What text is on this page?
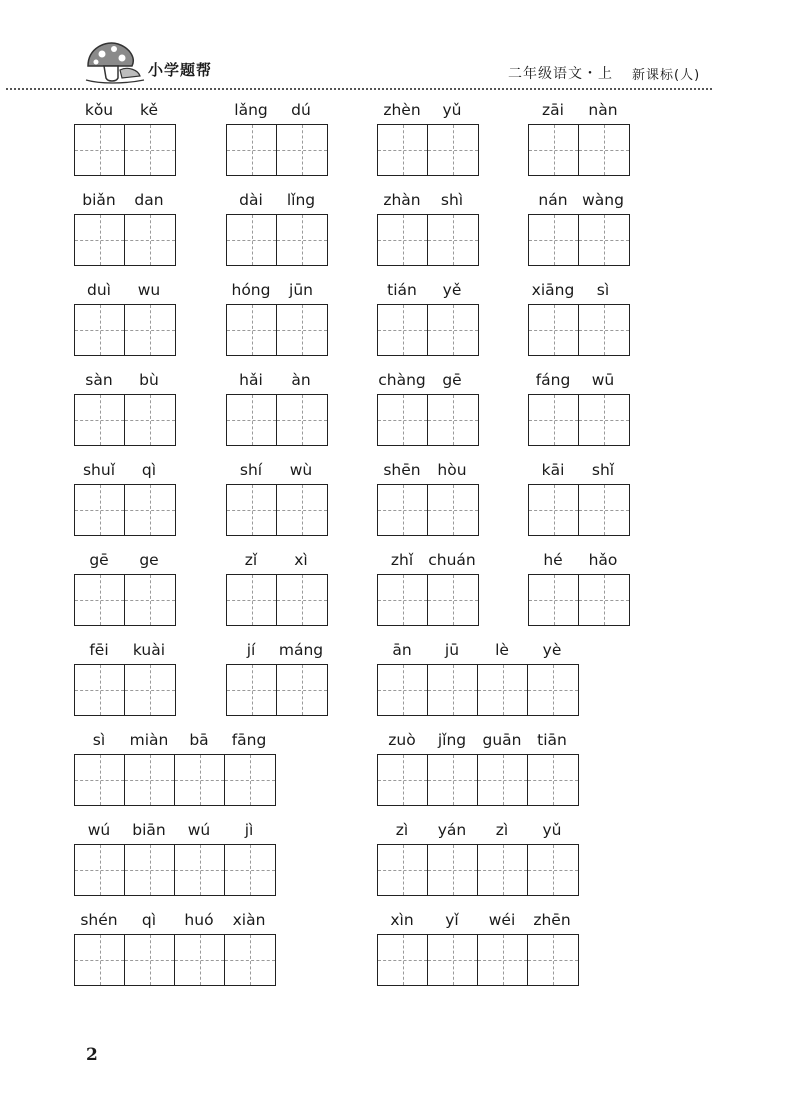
小学题帮	二年级语文・上 新课标(人)
kǒu	kě	lǎng	dú	zhèn	yǔ	zāi	nàn
biǎn	dan	dài	lǐng	zhàn	shì	nán wàng
duì	wu	hóng	jūn	tián	yě	xiāng	sì
sàn	bù	hǎi	àn	chàng	gē	fáng	wū
shuǐ	qì	shí	wù	shēn	hòu	kāi	shǐ
gē	ge	zǐ	xì	zhǐ chuán	hé	hǎo
fēi	kuài	jí	máng	ān	jū	lè	yè
sì	miàn	bā	fāng	zuò	jǐng	guān	tiān
wú	biān	wú	jì	zì	yán	zì	yǔ
shén	qì	huó	xiàn	xìn	yǐ	wéi	zhēn
2
